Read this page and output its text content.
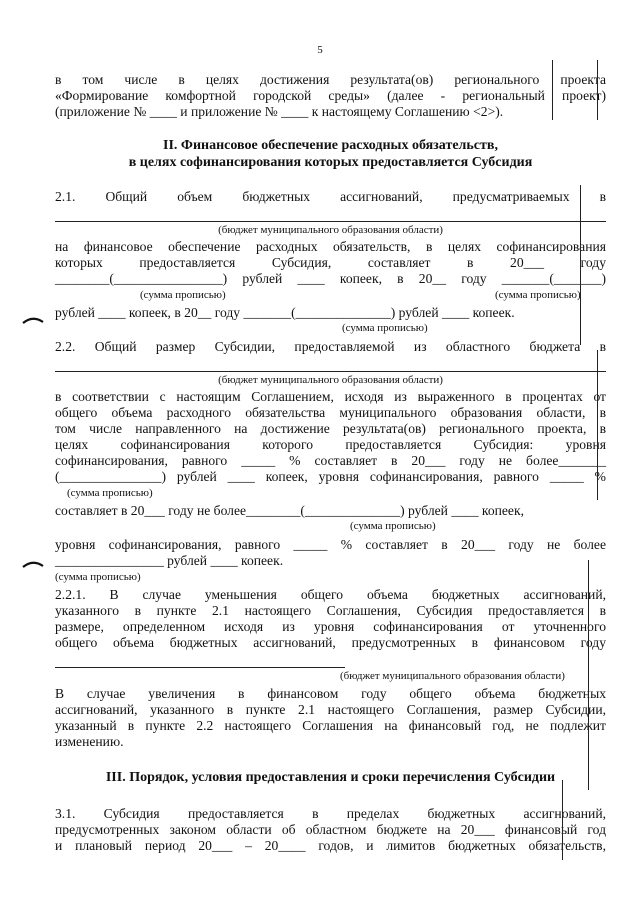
5
в том числе в целях достижения результата(ов) регионального проекта
«Формирование комфортной городской среды» (далее - региональный проект)
(приложение № ____ и приложение № ____ к настоящему Соглашению <2>).
II. Финансовое обеспечение расходных обязательств,
в целях софинансирования которых предоставляется Субсидия
2.1. Общий объем бюджетных ассигнований, предусматриваемых в
(бюджет муниципального образования области)
на финансовое обеспечение расходных обязательств, в целях софинансирования
которых предоставляется Субсидия, составляет в 20___ году
________(________________) рублей ____ копеек, в 20__ году _______(_______)
(сумма прописью)	(сумма прописью)
рублей ____ копеек, в 20__ году _______(______________) рублей ____ копеек.
(сумма прописью)
2.2. Общий размер Субсидии, предоставляемой из областного бюджета в
(бюджет муниципального образования области)
в соответствии с настоящим Соглашением, исходя из выраженного в процентах от
общего объема расходного обязательства муниципального образования области, в
том числе направленного на достижение результата(ов) регионального проекта, в
целях софинансирования которого предоставляется Субсидия: уровня
софинансирования, равного _____ % составляет в 20___ году не более_______
(_______________) рублей ____ копеек, уровня софинансирования, равного _____ %
(сумма прописью)
составляет в 20___ году не более________(______________) рублей ____ копеек,
(сумма прописью)
уровня софинансирования, равного _____ % составляет в 20___ году не более
________________ рублей ____ копеек.
(сумма прописью)
2.2.1. В случае уменьшения общего объема бюджетных ассигнований,
указанного в пункте 2.1 настоящего Соглашения, Субсидия предоставляется в
размере, определенном исходя из уровня софинансирования от уточненного
общего объема бюджетных ассигнований, предусмотренных в финансовом году
(бюджет муниципального образования области)
В случае увеличения в финансовом году общего объема бюджетных
ассигнований, указанного в пункте 2.1 настоящего Соглашения, размер Субсидии,
указанный в пункте 2.2 настоящего Соглашения на финансовый год, не подлежит
изменению.
III. Порядок, условия предоставления и сроки перечисления Субсидии
3.1. Субсидия предоставляется в пределах бюджетных ассигнований,
предусмотренных законом области об областном бюджете на 20___ финансовый год
и плановый период 20___ – 20____ годов, и лимитов бюджетных обязательств,
